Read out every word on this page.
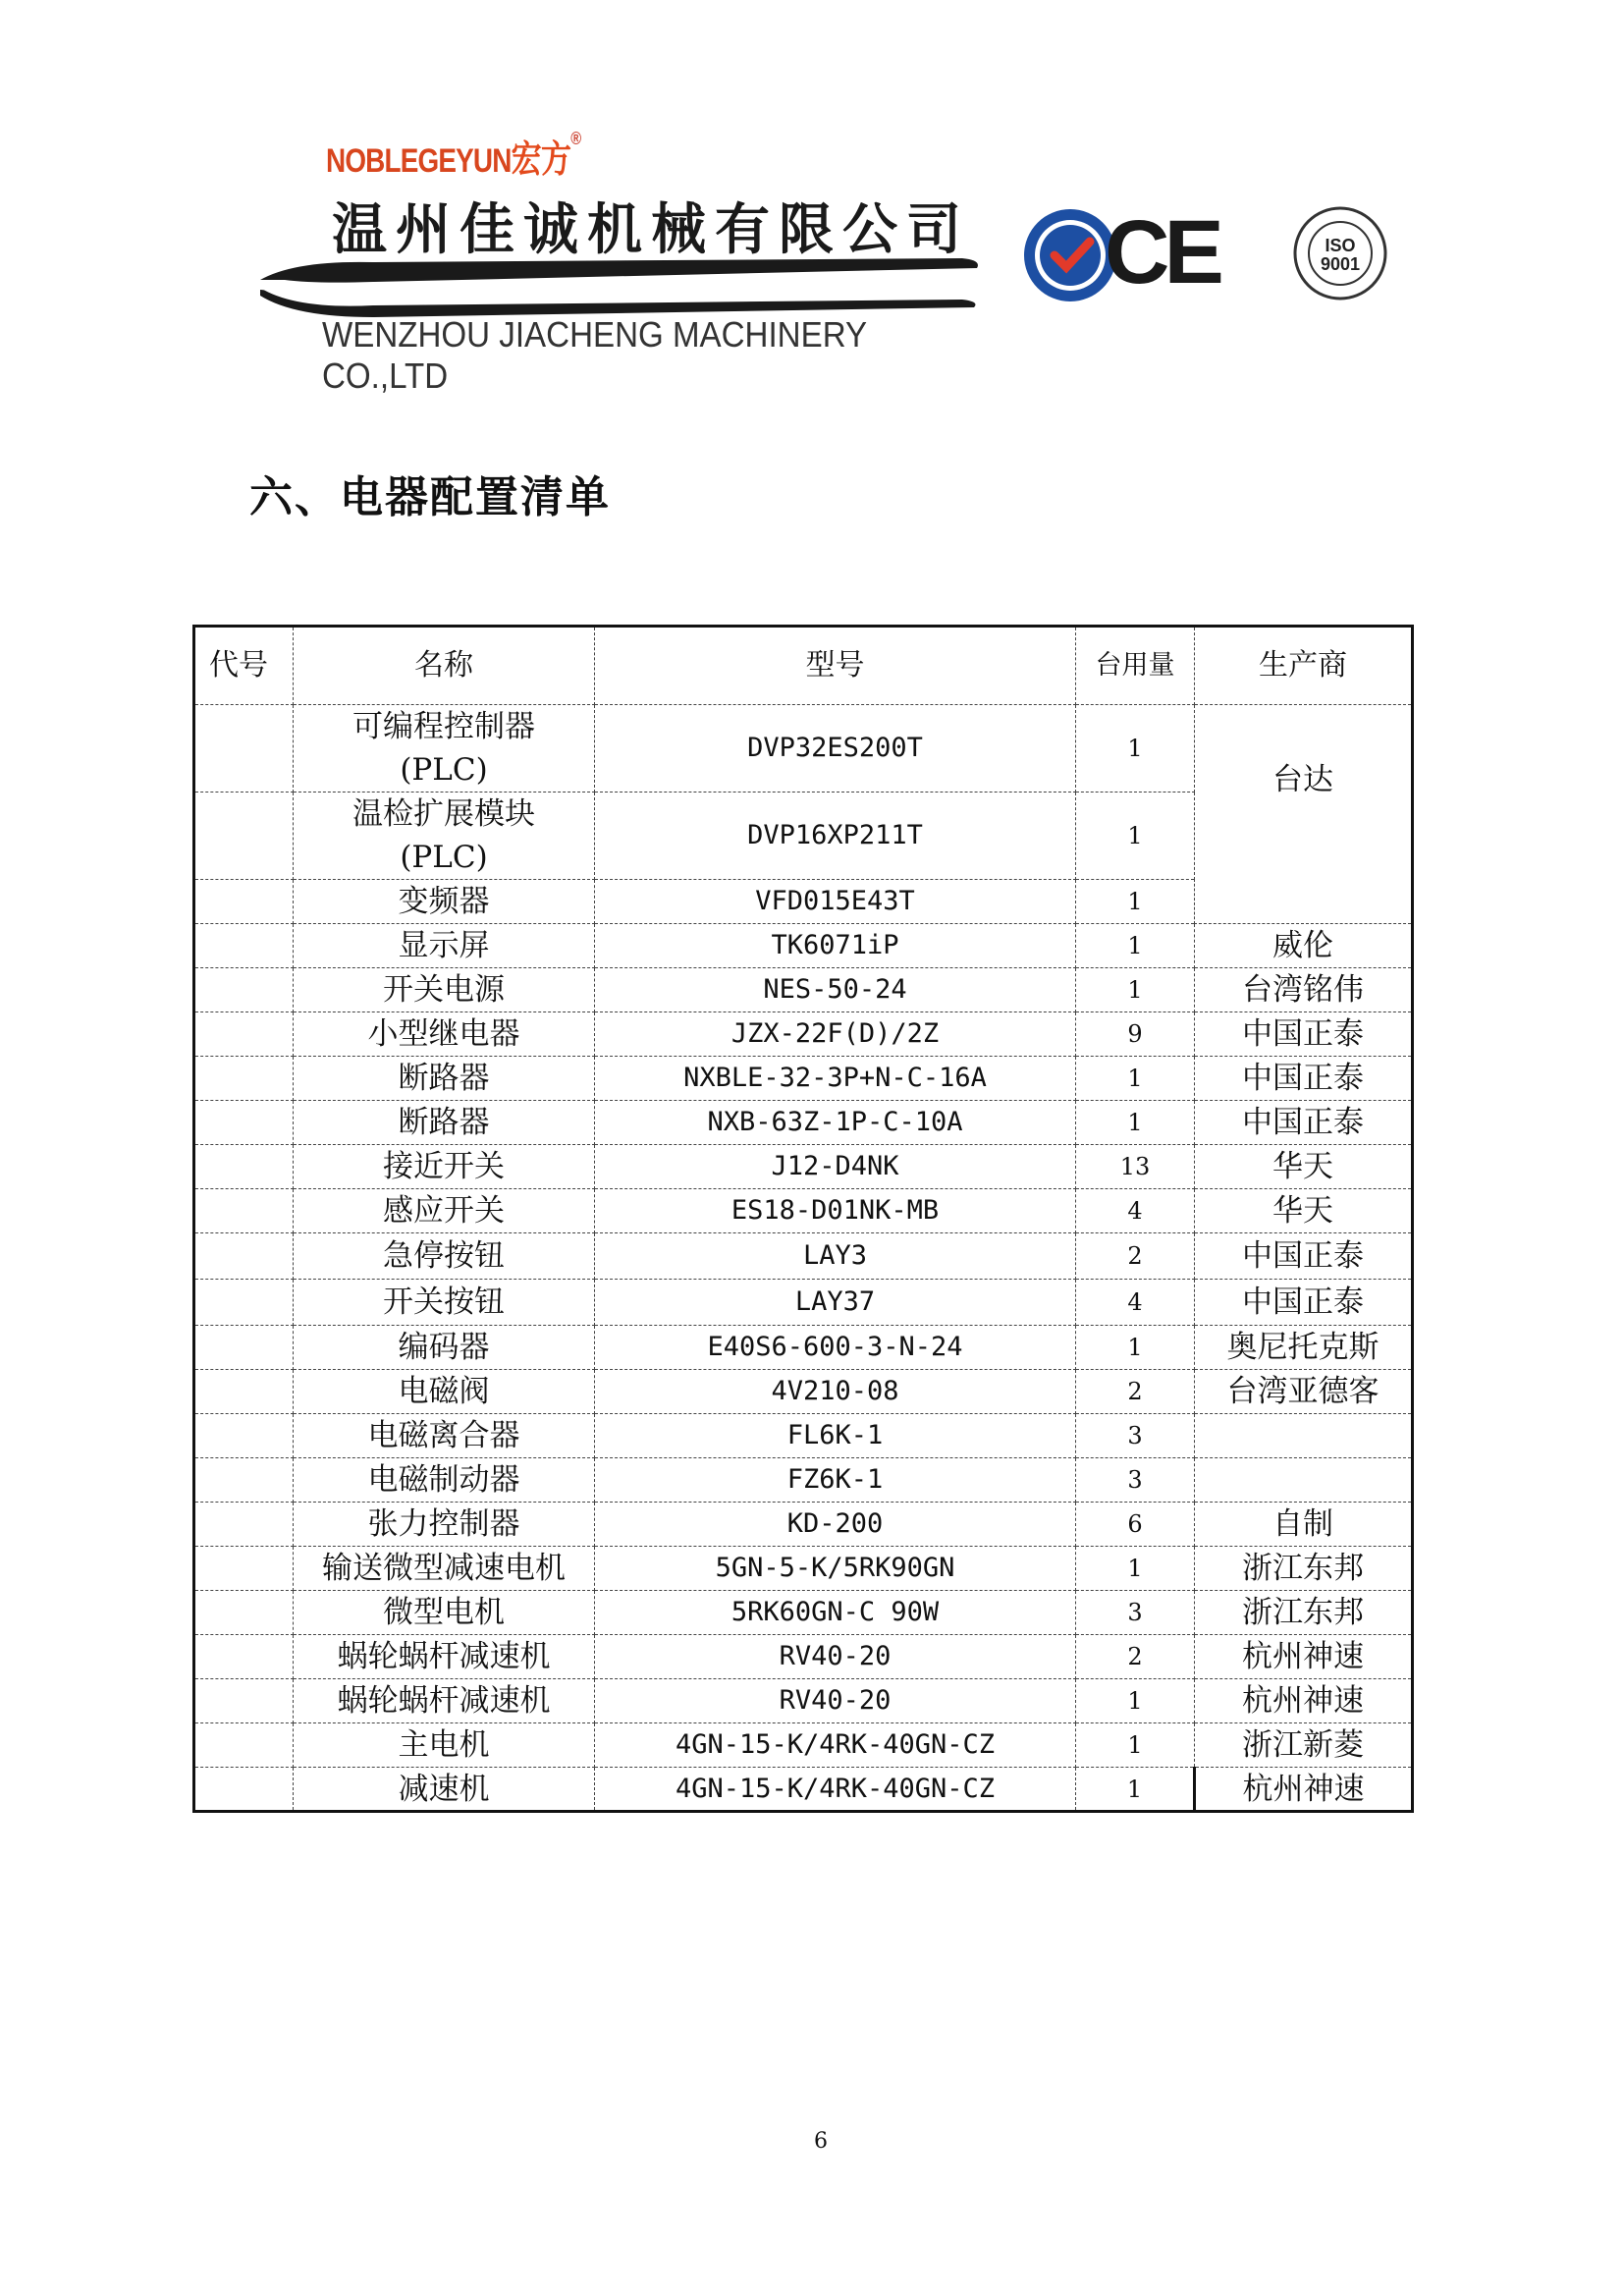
NOBLEGEYUN宏方®
温州佳诚机械有限公司
WENZHOU JIACHENG MACHINERY CO.,LTD
CE	ISO
9001
六、电器配置清单
代号	名称	型号	台用量	生产商
	可编程控制器(PLC)	DVP32ES200T	1	台达
	温检扩展模块(PLC)	DVP16XP211T	1	
	变频器	VFD015E43T	1	
	显示屏	TK6071iP	1	威伦
	开关电源	NES-50-24	1	台湾铭伟
	小型继电器	JZX-22F(D)/2Z	9	中国正泰
	断路器	NXBLE-32-3P+N-C-16A	1	中国正泰
	断路器	NXB-63Z-1P-C-10A	1	中国正泰
	接近开关	J12-D4NK	13	华天
	感应开关	ES18-D01NK-MB	4	华天
	急停按钮	LAY3	2	中国正泰
	开关按钮	LAY37	4	中国正泰
	编码器	E40S6-600-3-N-24	1	奥尼托克斯
	电磁阀	4V210-08	2	台湾亚德客
	电磁离合器	FL6K-1	3	
	电磁制动器	FZ6K-1	3	
	张力控制器	KD-200	6	自制
	输送微型减速电机	5GN-5-K/5RK90GN	1	浙江东邦
	微型电机	5RK60GN-C 90W	3	浙江东邦
	蜗轮蜗杆减速机	RV40-20	2	杭州神速
	蜗轮蜗杆减速机	RV40-20	1	杭州神速
	主电机	4GN-15-K/4RK-40GN-CZ	1	浙江新菱
	减速机	4GN-15-K/4RK-40GN-CZ	1	杭州神速
6
